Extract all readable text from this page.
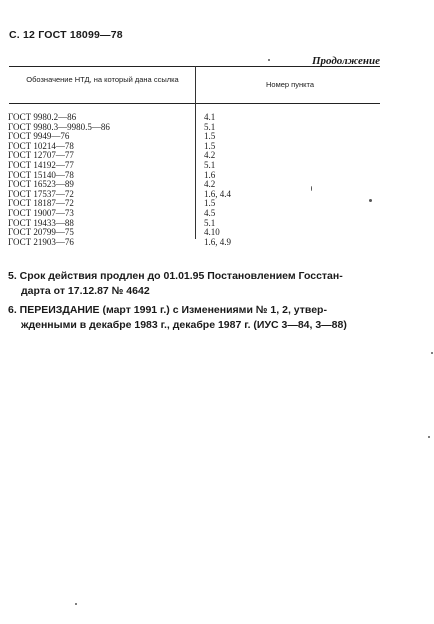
С. 12 ГОСТ 18099—78
Продолжение
Обозначение НТД, на который дана ссылка
Номер пункта
ГОСТ 9980.2—86	4.1
ГОСТ 9980.3—9980.5—86	5.1
ГОСТ 9949—76	1.5
ГОСТ 10214—78	1.5
ГОСТ 12707—77	4.2
ГОСТ 14192—77	5.1
ГОСТ 15140—78	1.6
ГОСТ 16523—89	4.2
ГОСТ 17537—72	1.6, 4.4
ГОСТ 18187—72	1.5
ГОСТ 19007—73	4.5
ГОСТ 19433—88	5.1
ГОСТ 20799—75	4.10
ГОСТ 21903—76	1.6, 4.9
5. Срок действия продлен до 01.01.95 Постановлением Госстан-
дарта от 17.12.87 № 4642
6. ПЕРЕИЗДАНИЕ (март 1991 г.) с Изменениями № 1, 2, утвер-
жденными в декабре 1983 г., декабре 1987 г. (ИУС 3—84, 3—88)
